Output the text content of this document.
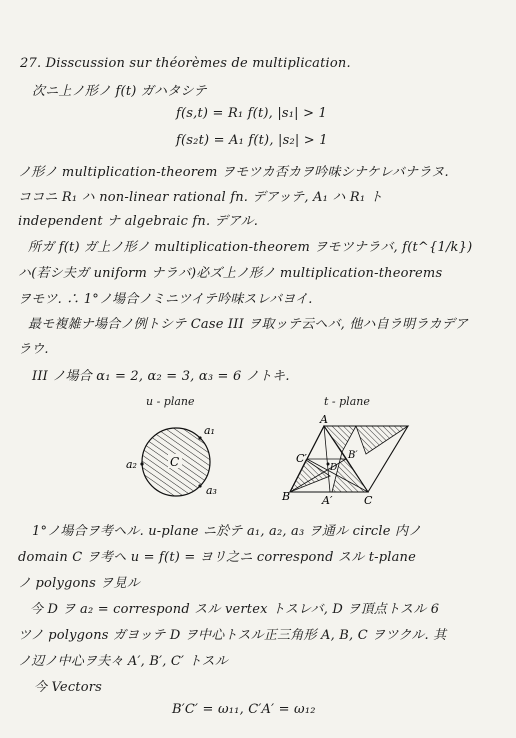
27. Disscussion sur théorèmes de multiplication.
次ニ上ノ形ノ f(t) ガハタシテ
f(s,t) = R₁ f(t), |s₁| > 1
f(s₂t) = A₁ f(t), |s₂| > 1
ノ形ノ multiplication-theorem ヲモツカ否カヲ吟味シナケレバナラヌ.
ココニ R₁ ハ non-linear rational fn. デアッテ, A₁ ハ R₁ ト
independent ナ algebraic fn. デアル.
所ガ f(t) ガ上ノ形ノ multiplication-theorem ヲモツナラバ, f(t^{1/k})
ハ(若シ夫ガ uniform ナラバ)必ズ上ノ形ノ multiplication-theorems
ヲモツ. ∴ 1°ノ場合ノミニツイテ吟味スレバヨイ.
最モ複雑ナ場合ノ例トシテ Case III ヲ取ッテ云ヘバ, 他ハ自ラ明ラカデア
ラウ.
III ノ場合 α₁ = 2, α₂ = 3, α₃ = 6 ノトキ.
u - plane	t - plane
C
a₁
a₂
a₃
A
B	C
C′	B′
A′
D
1°ノ場合ヲ考ヘル. u-plane ニ於テ a₁, a₂, a₃ ヲ通ル circle 内ノ
domain C ヲ考ヘ u = f(t) = ヨリ之ニ correspond スル t-plane
ノ polygons ヲ見ル
今 D ヲ a₂ = correspond スル vertex トスレバ, D ヲ頂点トスル 6
ツノ polygons ガヨッテ D ヲ中心トスル正三角形 A, B, C ヲツクル. 其
ノ辺ノ中心ヲ夫々 A′, B′, C′ トスル
今 Vectors
B′C′ = ω₁₁, C′A′ = ω₁₂
